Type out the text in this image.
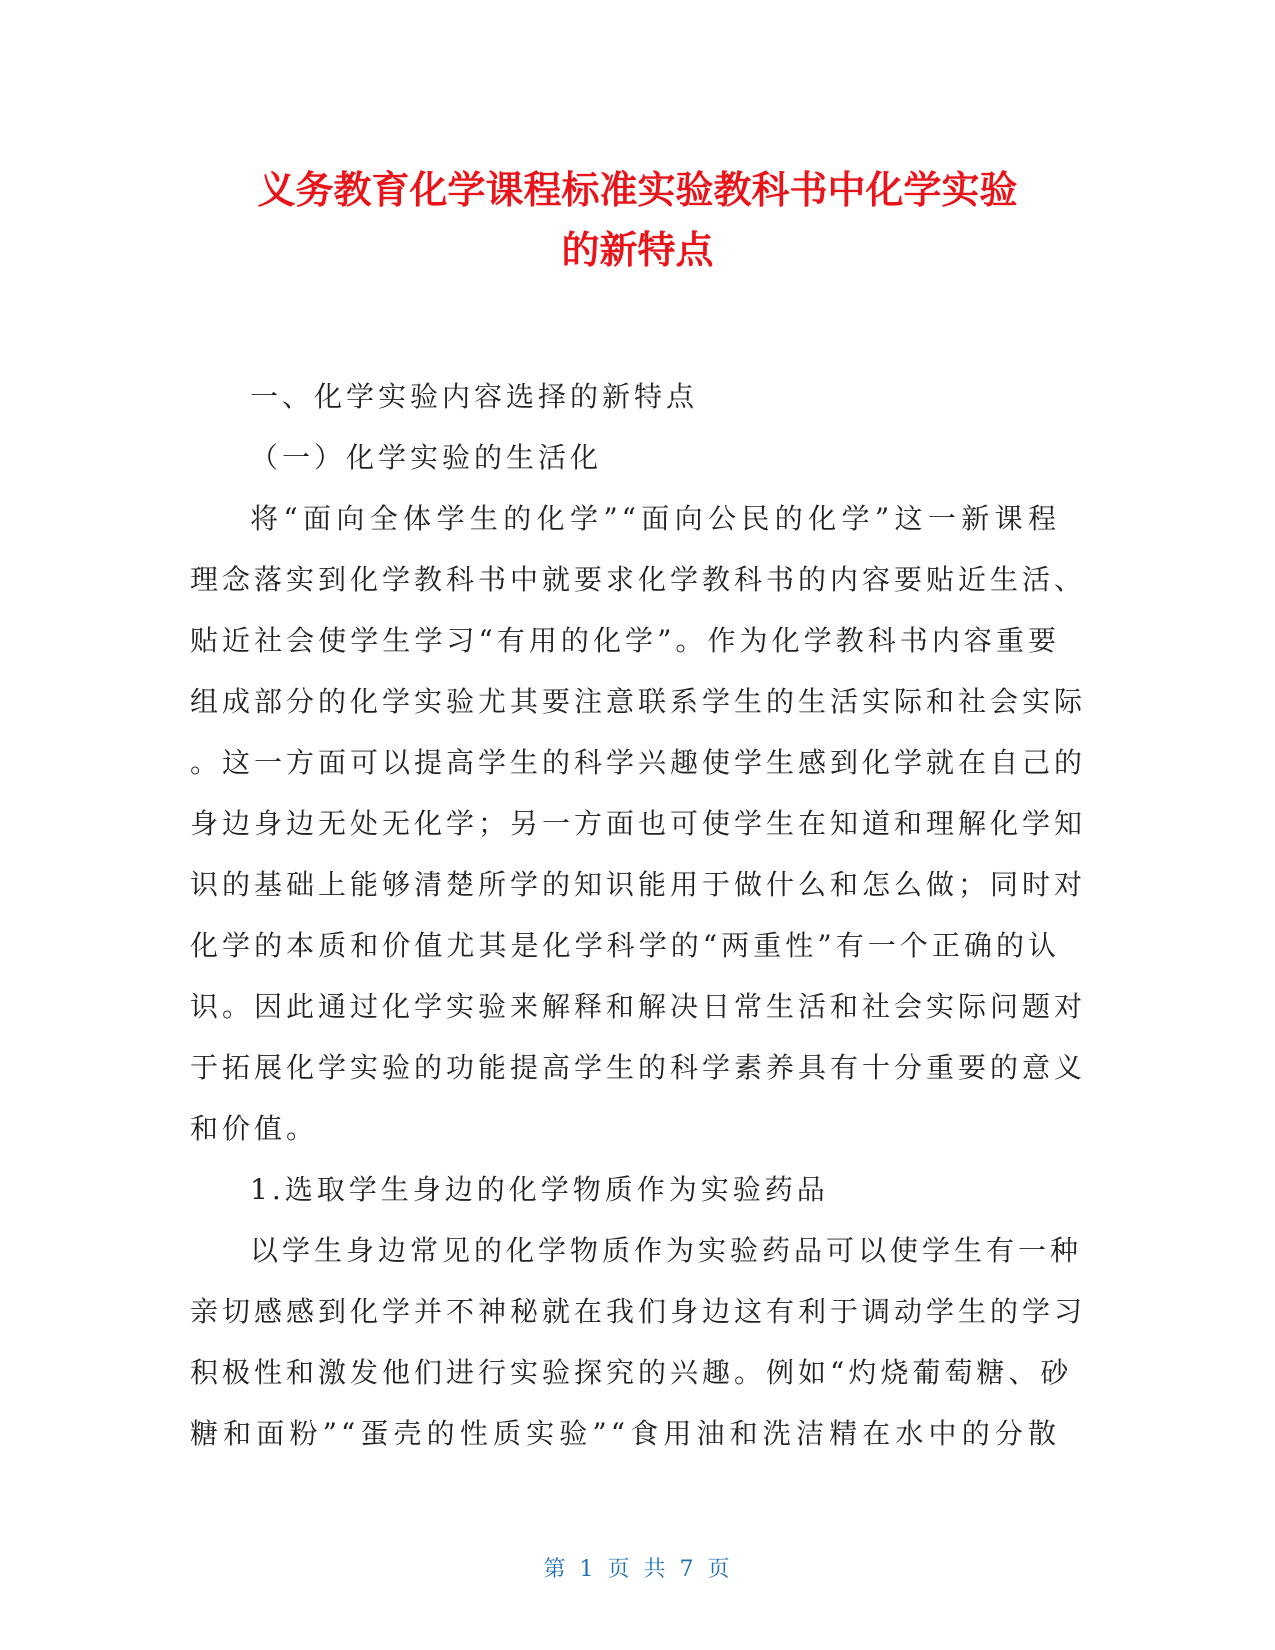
义务教育化学课程标准实验教科书中化学实验
的新特点
一、化学实验内容选择的新特点
（一）化学实验的生活化
将“面向全体学生的化学”“面向公民的化学”这一新课程
理念落实到化学教科书中就要求化学教科书的内容要贴近生活、
贴近社会使学生学习“有用的化学”。作为化学教科书内容重要
组成部分的化学实验尤其要注意联系学生的生活实际和社会实际
。这一方面可以提高学生的科学兴趣使学生感到化学就在自己的
身边身边无处无化学；另一方面也可使学生在知道和理解化学知
识的基础上能够清楚所学的知识能用于做什么和怎么做；同时对
化学的本质和价值尤其是化学科学的“两重性”有一个正确的认
识。因此通过化学实验来解释和解决日常生活和社会实际问题对
于拓展化学实验的功能提高学生的科学素养具有十分重要的意义
和价值。
1.选取学生身边的化学物质作为实验药品
以学生身边常见的化学物质作为实验药品可以使学生有一种
亲切感感到化学并不神秘就在我们身边这有利于调动学生的学习
积极性和激发他们进行实验探究的兴趣。例如“灼烧葡萄糖、砂
糖和面粉”“蛋壳的性质实验”“食用油和洗洁精在水中的分散
第 1 页 共 7 页
